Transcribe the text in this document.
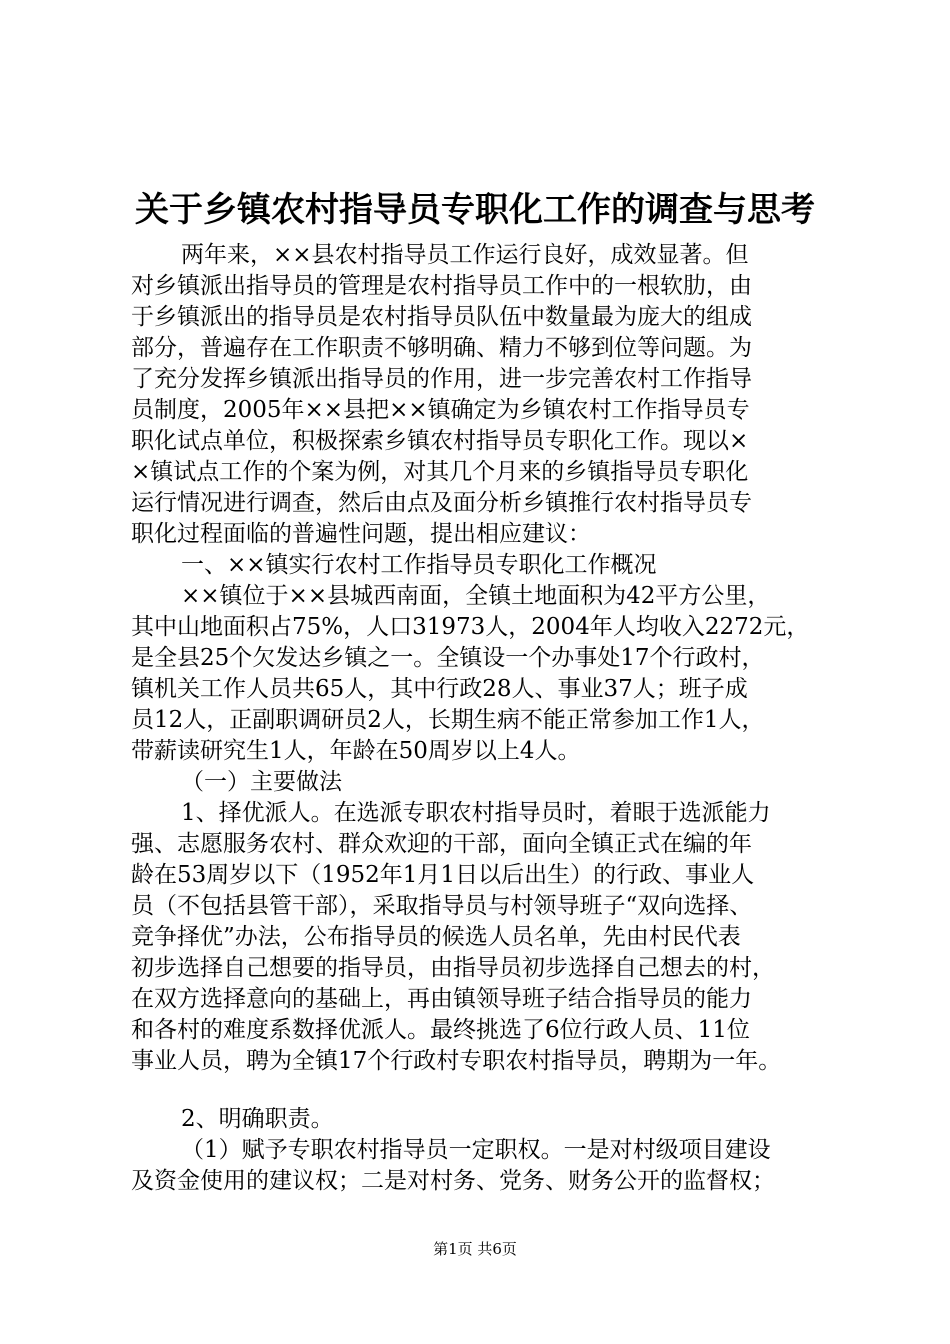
关于乡镇农村指导员专职化工作的调查与思考

两年来，××县农村指导员工作运行良好，成效显著。但

对乡镇派出指导员的管理是农村指导员工作中的一根软肋，由

于乡镇派出的指导员是农村指导员队伍中数量最为庞大的组成

部分，普遍存在工作职责不够明确、精力不够到位等问题。为

了充分发挥乡镇派出指导员的作用，进一步完善农村工作指导

员制度，2005年××县把××镇确定为乡镇农村工作指导员专

职化试点单位，积极探索乡镇农村指导员专职化工作。现以×

×镇试点工作的个案为例，对其几个月来的乡镇指导员专职化

运行情况进行调查，然后由点及面分析乡镇推行农村指导员专

职化过程面临的普遍性问题，提出相应建议：

一、××镇实行农村工作指导员专职化工作概况

××镇位于××县城西南面，全镇土地面积为42平方公里，

其中山地面积占75%，人口31973人，2004年人均收入2272元，

是全县25个欠发达乡镇之一。全镇设一个办事处17个行政村，

镇机关工作人员共65人，其中行政28人、事业37人；班子成

员12人，正副职调研员2人，长期生病不能正常参加工作1人，

带薪读研究生1人，年龄在50周岁以上4人。

（一）主要做法

1、择优派人。在选派专职农村指导员时，着眼于选派能力

强、志愿服务农村、群众欢迎的干部，面向全镇正式在编的年

龄在53周岁以下（1952年1月1日以后出生）的行政、事业人

员（不包括县管干部），采取指导员与村领导班子“双向选择、

竞争择优”办法，公布指导员的候选人员名单，先由村民代表

初步选择自己想要的指导员，由指导员初步选择自己想去的村，

在双方选择意向的基础上，再由镇领导班子结合指导员的能力

和各村的难度系数择优派人。最终挑选了6位行政人员、11位

事业人员，聘为全镇17个行政村专职农村指导员，聘期为一年。

2、明确职责。

（1）赋予专职农村指导员一定职权。一是对村级项目建设

及资金使用的建议权；二是对村务、党务、财务公开的监督权；

第1页 共6页
